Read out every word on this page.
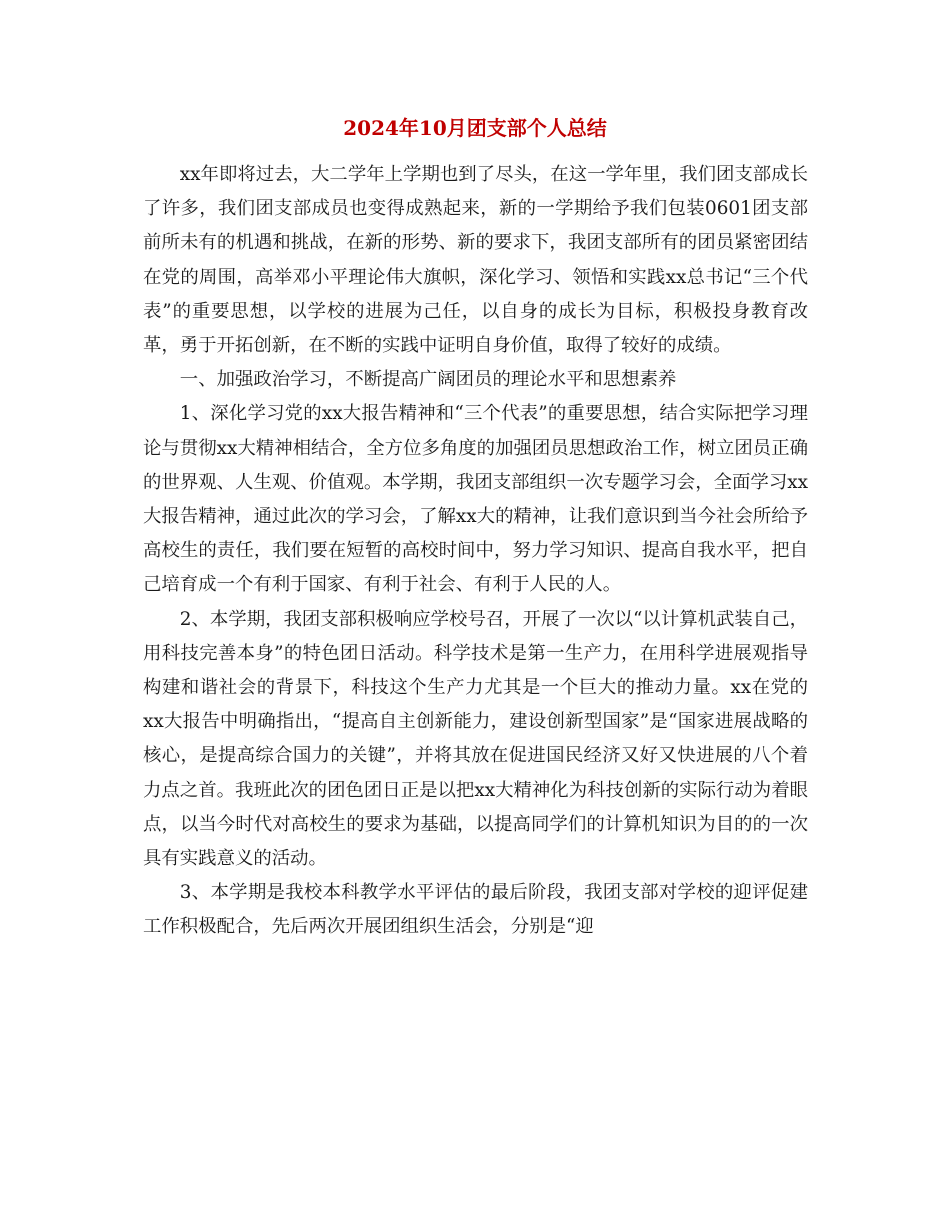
2024年10月团支部个人总结

xx年即将过去，大二学年上学期也到了尽头，在这一学年里，我们团支部成长了许多，我们团支部成员也变得成熟起来，新的一学期给予我们包装0601团支部前所未有的机遇和挑战，在新的形势、新的要求下，我团支部所有的团员紧密团结在党的周围，高举邓小平理论伟大旗帜，深化学习、领悟和实践xx总书记“三个代表”的重要思想，以学校的进展为己任，以自身的成长为目标，积极投身教育改革，勇于开拓创新，在不断的实践中证明自身价值，取得了较好的成绩。

一、加强政治学习，不断提高广阔团员的理论水平和思想素养

1、深化学习党的xx大报告精神和“三个代表”的重要思想，结合实际把学习理论与贯彻xx大精神相结合，全方位多角度的加强团员思想政治工作，树立团员正确的世界观、人生观、价值观。本学期，我团支部组织一次专题学习会，全面学习xx大报告精神，通过此次的学习会，了解xx大的精神，让我们意识到当今社会所给予高校生的责任，我们要在短暂的高校时间中，努力学习知识、提高自我水平，把自己培育成一个有利于国家、有利于社会、有利于人民的人。

2、本学期，我团支部积极响应学校号召，开展了一次以“以计算机武装自己，用科技完善本身”的特色团日活动。科学技术是第一生产力，在用科学进展观指导构建和谐社会的背景下，科技这个生产力尤其是一个巨大的推动力量。xx在党的xx大报告中明确指出，“提高自主创新能力，建设创新型国家”是“国家进展战略的核心，是提高综合国力的关键”，并将其放在促进国民经济又好又快进展的八个着力点之首。我班此次的团色团日正是以把xx大精神化为科技创新的实际行动为着眼点，以当今时代对高校生的要求为基础，以提高同学们的计算机知识为目的的一次具有实践意义的活动。

3、本学期是我校本科教学水平评估的最后阶段，我团支部对学校的迎评促建工作积极配合，先后两次开展团组织生活会，分别是“迎
